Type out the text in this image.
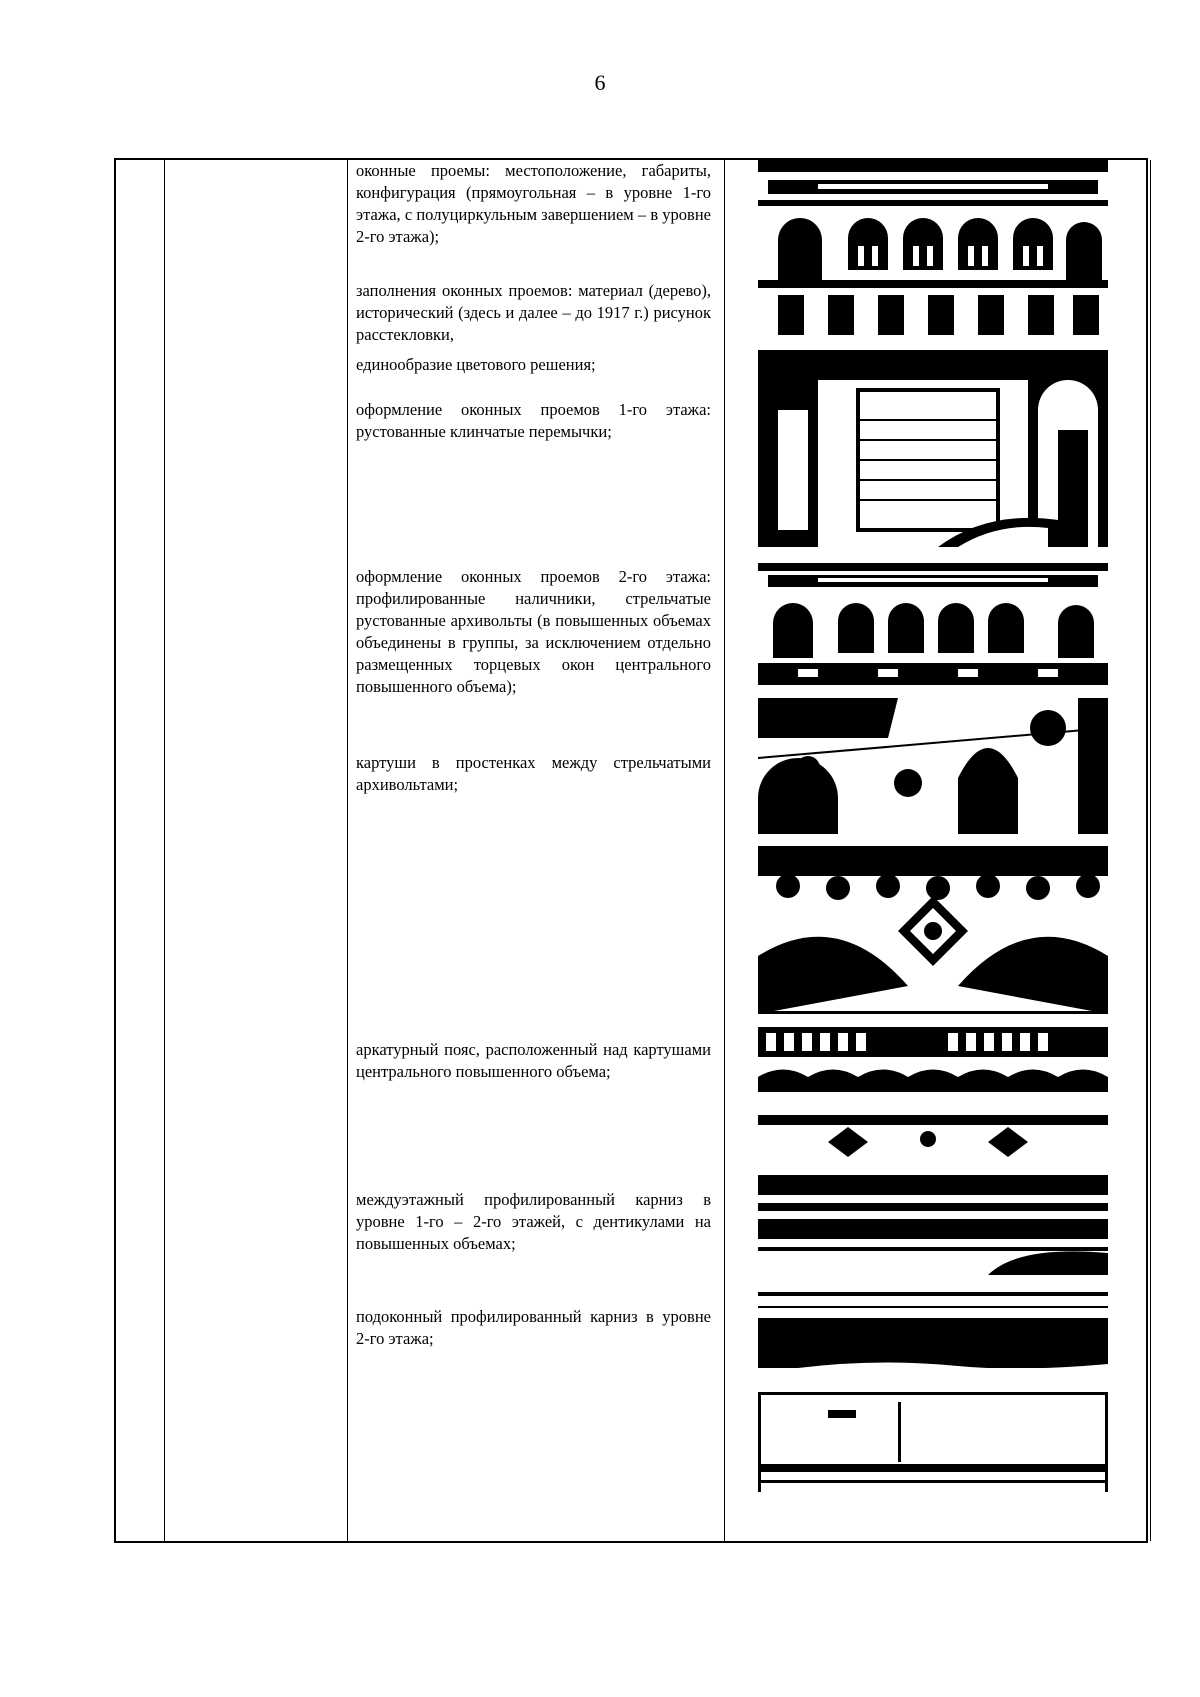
6
оконные проемы: местоположение, габариты, конфигурация (прямоугольная – в уровне 1-го этажа, с полуциркульным завершением – в уровне 2-го этажа);
заполнения оконных проемов: материал (дерево), исторический (здесь и далее – до 1917 г.) рисунок расстекловки,
единообразие цветового решения;
оформление оконных проемов 1-го этажа: рустованные клинчатые перемычки;
оформление оконных проемов 2-го этажа: профилированные наличники, стрельчатые рустованные архивольты (в повышенных объемах объединены в группы, за исключением отдельно размещенных торцевых окон центрального повышенного объема);
картуши в простенках между стрельчатыми архивольтами;
аркатурный пояс, расположенный над картушами центрального повышенного объема;
междуэтажный профилированный карниз в уровне 1-го – 2-го этажей, с дентикулами на повышенных объемах;
подоконный профилированный карниз в уровне 2-го этажа;
